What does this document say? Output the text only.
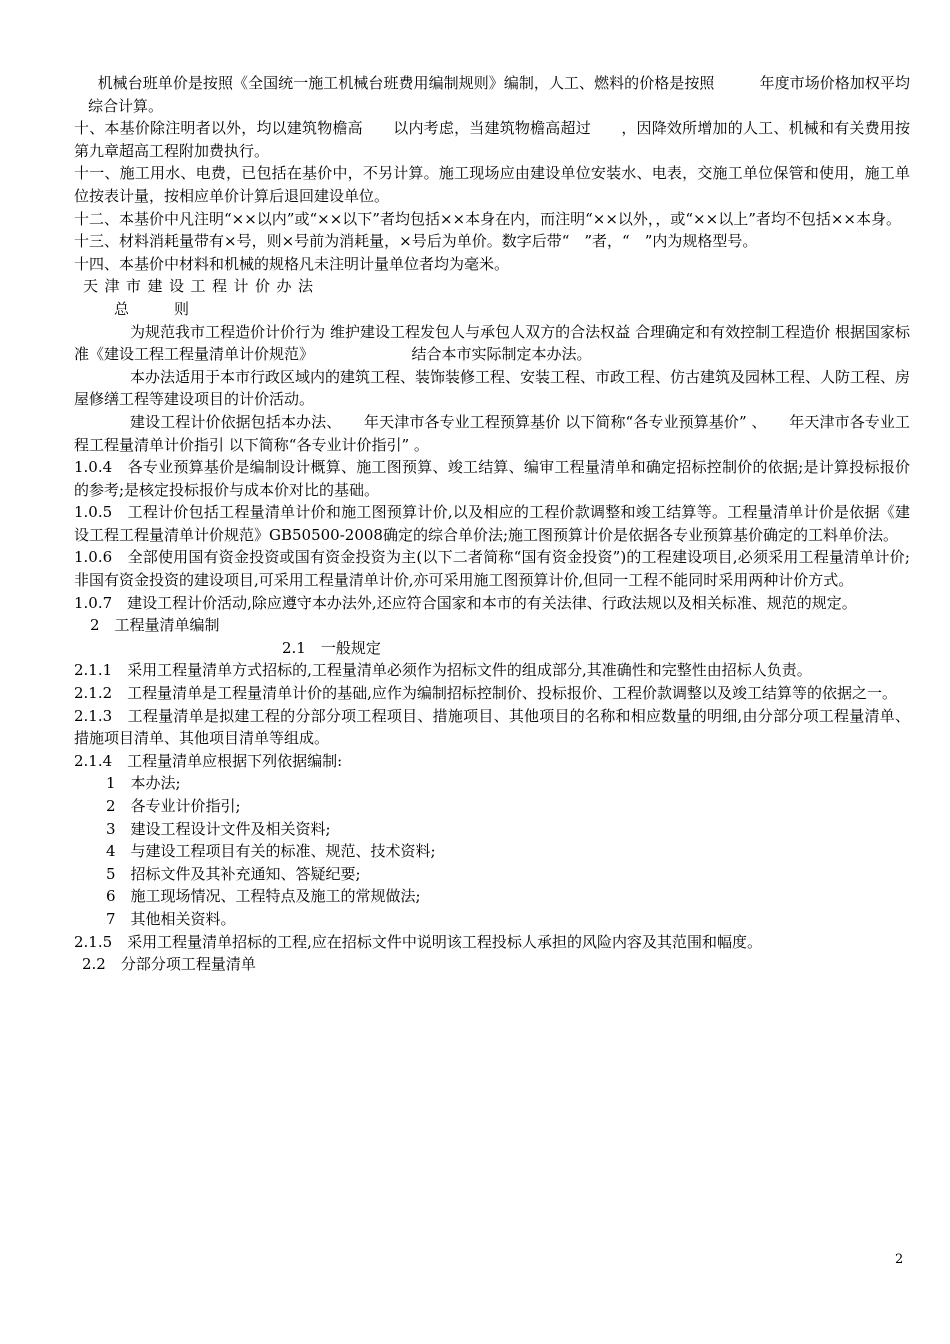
机械台班单价是按照《全国统一施工机械台班费用编制规则》编制，人工、燃料的价格是按照　　　年度市场价格加权平均综合计算。

十、本基价除注明者以外，均以建筑物檐高　　以内考虑，当建筑物檐高超过　　，因降效所增加的人工、机械和有关费用按第九章超高工程附加费执行。

十一、施工用水、电费，已包括在基价中，不另计算。施工现场应由建设单位安装水、电表，交施工单位保管和使用，施工单位按表计量，按相应单价计算后退回建设单位。

十二、本基价中凡注明“××以内”或“××以下”者均包括××本身在内，而注明“××以外，，或“××以上”者均不包括××本身。

十三、材料消耗量带有×号，则×号前为消耗量，×号后为单价。数字后带“　”者，“　”内为规格型号。

十四、本基价中材料和机械的规格凡未注明计量单位者均为毫米。

天津市建设工程计价办法

总　　　则

为规范我市工程造价计价行为 维护建设工程发包人与承包人双方的合法权益 合理确定和有效控制工程造价 根据国家标准《建设工程工程量清单计价规范》　　　　　　　结合本市实际制定本办法。

本办法适用于本市行政区域内的建筑工程、装饰装修工程、安装工程、市政工程、仿古建筑及园林工程、人防工程、房屋修缮工程等建设项目的计价活动。

建设工程计价依据包括本办法、　　年天津市各专业工程预算基价 以下简称“各专业预算基价” 、　　年天津市各专业工程工程量清单计价指引 以下简称“各专业计价指引” 。

1.0.4　各专业预算基价是编制设计概算、施工图预算、竣工结算、编审工程量清单和确定招标控制价的依据;是计算投标报价的参考;是核定投标报价与成本价对比的基础。

1.0.5　工程计价包括工程量清单计价和施工图预算计价,以及相应的工程价款调整和竣工结算等。工程量清单计价是依据《建设工程工程量清单计价规范》GB50500-2008确定的综合单价法;施工图预算计价是依据各专业预算基价确定的工料单价法。

1.0.6　全部使用国有资金投资或国有资金投资为主(以下二者简称“国有资金投资”)的工程建设项目,必须采用工程量清单计价;非国有资金投资的建设项目,可采用工程量清单计价,亦可采用施工图预算计价,但同一工程不能同时采用两种计价方式。

1.0.7　建设工程计价活动,除应遵守本办法外,还应符合国家和本市的有关法律、行政法规以及相关标准、规范的规定。

2　工程量清单编制

2.1　一般规定

2.1.1　采用工程量清单方式招标的,工程量清单必须作为招标文件的组成部分,其准确性和完整性由招标人负责。

2.1.2　工程量清单是工程量清单计价的基础,应作为编制招标控制价、投标报价、工程价款调整以及竣工结算等的依据之一。

2.1.3　工程量清单是拟建工程的分部分项工程项目、措施项目、其他项目的名称和相应数量的明细,由分部分项工程量清单、措施项目清单、其他项目清单等组成。

2.1.4　工程量清单应根据下列依据编制:

1　本办法;

2　各专业计价指引;

3　建设工程设计文件及相关资料;

4　与建设工程项目有关的标准、规范、技术资料;

5　招标文件及其补充通知、答疑纪要;

6　施工现场情况、工程特点及施工的常规做法;

7　其他相关资料。

2.1.5　采用工程量清单招标的工程,应在招标文件中说明该工程投标人承担的风险内容及其范围和幅度。

2.2　分部分项工程量清单

2
